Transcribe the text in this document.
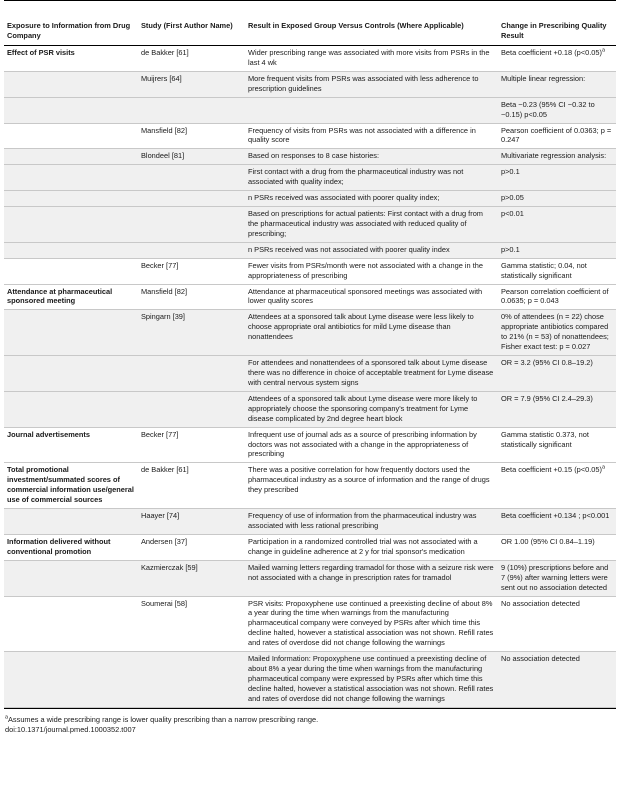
Exposure to Information from Drug Company	Study (First Author Name)	Result in Exposed Group Versus Controls (Where Applicable)	Change in Prescribing Quality Result
Effect of PSR visits	de Bakker [61]	Wider prescribing range was associated with more visits from PSRs in the last 4 wk	Beta coefficient +0.18 (p<0.05)$^a$
	Muijrers [64]	More frequent visits from PSRs was associated with less adherence to prescription guidelines	Multiple linear regression:
			Beta −0.23 (95% CI −0.32 to −0.15) p<0.05
	Mansfield [82]	Frequency of visits from PSRs was not associated with a difference in quality score	Pearson coefficient of 0.0363; p = 0.247
	Blondeel [81]	Based on responses to 8 case histories:	Multivariate regression analysis:
		First contact with a drug from the pharmaceutical industry was not associated with quality index;	p>0.1
		n PSRs received was associated with poorer quality index;	p>0.05
		Based on prescriptions for actual patients: First contact with a drug from the pharmaceutical industry was associated with reduced quality of prescribing;	p<0.01
		n PSRs received was not associated with poorer quality index	p>0.1
	Becker [77]	Fewer visits from PSRs/month were not associated with a change in the appropriateness of prescribing	Gamma statistic; 0.04, not statistically significant
Attendance at pharmaceutical sponsored meeting	Mansfield [82]	Attendance at pharmaceutical sponsored meetings was associated with lower quality scores	Pearson correlation coefficient of 0.0635; p = 0.043
	Spingarn [39]	Attendees at a sponsored talk about Lyme disease were less likely to choose appropriate oral antibiotics for mild Lyme disease than nonattendees	0% of attendees (n = 22) chose appropriate antibiotics compared to 21% (n = 53) of nonattendees; Fisher exact test: p = 0.027
		For attendees and nonattendees of a sponsored talk about Lyme disease there was no difference in choice of acceptable treatment for Lyme disease with central nervous system signs	OR = 3.2 (95% CI 0.8–19.2)
		Attendees of a sponsored talk about Lyme disease were more likely to appropriately choose the sponsoring company's treatment for Lyme disease complicated by 2nd degree heart block	OR = 7.9 (95% CI 2.4–29.3)
Journal advertisements	Becker [77]	Infrequent use of journal ads as a source of prescribing information by doctors was not associated with a change in the appropriateness of prescribing	Gamma statistic 0.373, not statistically significant
Total promotional investment/summated scores of commercial information use/general use of commercial sources	de Bakker [61]	There was a positive correlation for how frequently doctors used the pharmaceutical industry as a source of information and the range of drugs they prescribed	Beta coefficient +0.15 (p<0.05)$^a$
	Haayer [74]	Frequency of use of information from the pharmaceutical industry was associated with less rational prescribing	Beta coefficient +0.134 ; p<0.001
Information delivered without conventional promotion	Andersen [37]	Participation in a randomized controlled trial was not associated with a change in guideline adherence at 2 y for trial sponsor's medication	OR 1.00 (95% CI 0.84–1.19)
	Kazmierczak [59]	Mailed warning letters regarding tramadol for those with a seizure risk were not associated with a change in prescription rates for tramadol	9 (10%) prescriptions before and 7 (9%) after warning letters were sent out no association detected
	Soumerai [58]	PSR visits: Propoxyphene use continued a preexisting decline of about 8% a year during the time when warnings from the manufacturing pharmaceutical company were conveyed by PSRs after which time this decline halted, however a statistical association was not shown. Refill rates and rates of overdose did not change following the warnings	No association detected
		Mailed Information: Propoxyphene use continued a preexisting decline of about 8% a year during the time when warnings from the manufacturing pharmaceutical company were expressed by PSRs after which time this decline halted, however a statistical association was not shown. Refill rates and rates of overdose did not change following the warnings	No association detected
$^a$Assumes a wide prescribing range is lower quality prescribing than a narrow prescribing range.
doi:10.1371/journal.pmed.1000352.t007
